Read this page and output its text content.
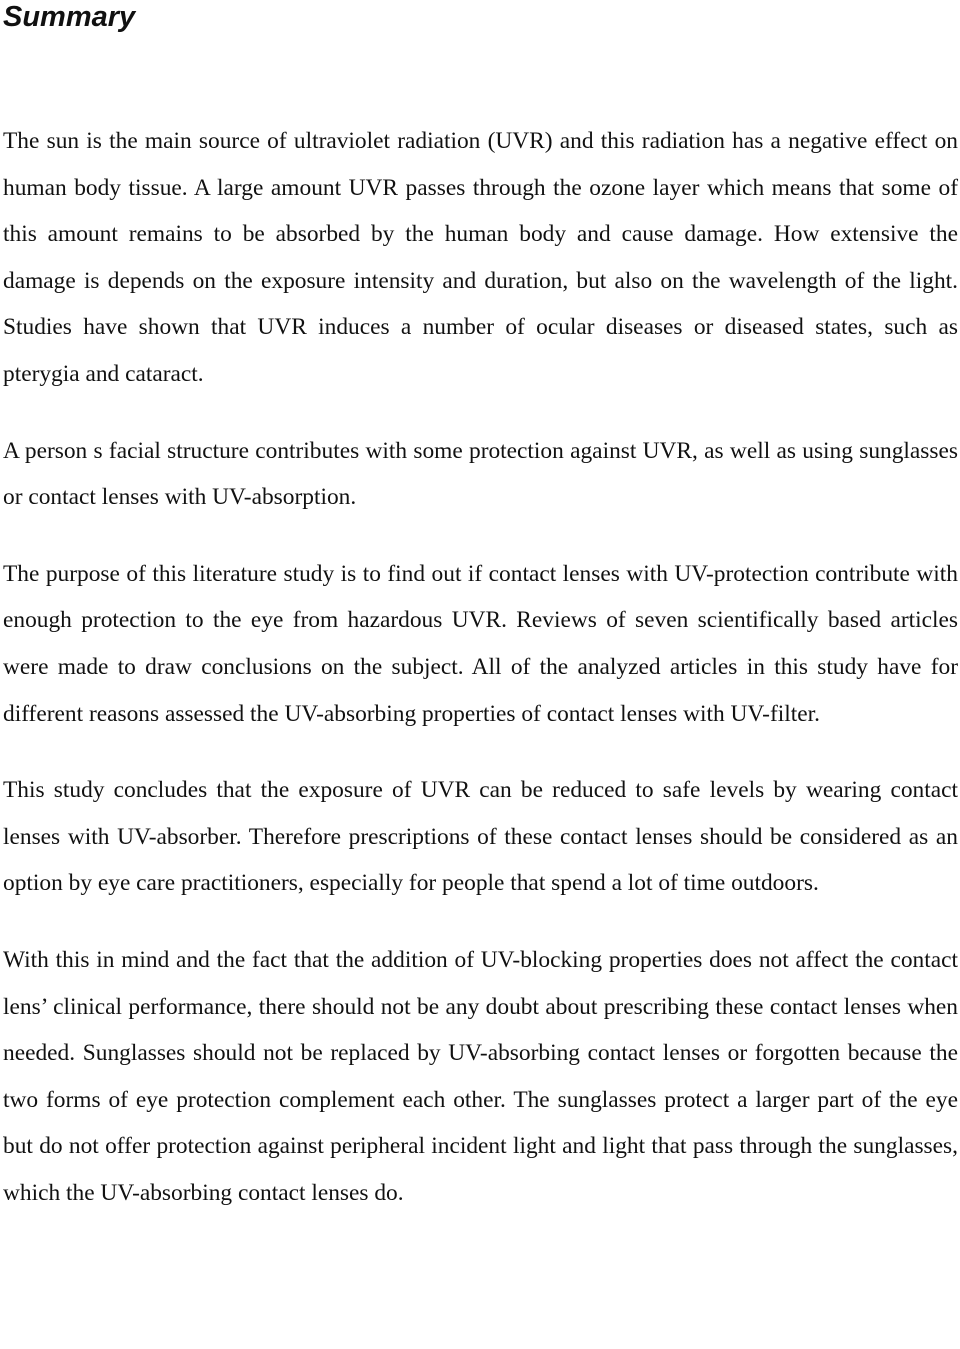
Summary

The sun is the main source of ultraviolet radiation (UVR) and this radiation has a negative effect on human body tissue. A large amount UVR passes through the ozone layer which means that some of this amount remains to be absorbed by the human body and cause damage. How extensive the damage is depends on the exposure intensity and duration, but also on the wavelength of the light. Studies have shown that UVR induces a number of ocular diseases or diseased states, such as pterygia and cataract.

A person s facial structure contributes with some protection against UVR, as well as using sunglasses or contact lenses with UV-absorption.

The purpose of this literature study is to find out if contact lenses with UV-protection contribute with enough protection to the eye from hazardous UVR. Reviews of seven scientifically based articles were made to draw conclusions on the subject. All of the analyzed articles in this study have for different reasons assessed the UV-absorbing properties of contact lenses with UV-filter.

This study concludes that the exposure of UVR can be reduced to safe levels by wearing contact lenses with UV-absorber. Therefore prescriptions of these contact lenses should be considered as an option by eye care practitioners, especially for people that spend a lot of time outdoors.

With this in mind and the fact that the addition of UV-blocking properties does not affect the contact lens’ clinical performance, there should not be any doubt about prescribing these contact lenses when needed. Sunglasses should not be replaced by UV-absorbing contact lenses or forgotten because the two forms of eye protection complement each other. The sunglasses protect a larger part of the eye but do not offer protection against peripheral incident light and light that pass through the sunglasses, which the UV-absorbing contact lenses do.
